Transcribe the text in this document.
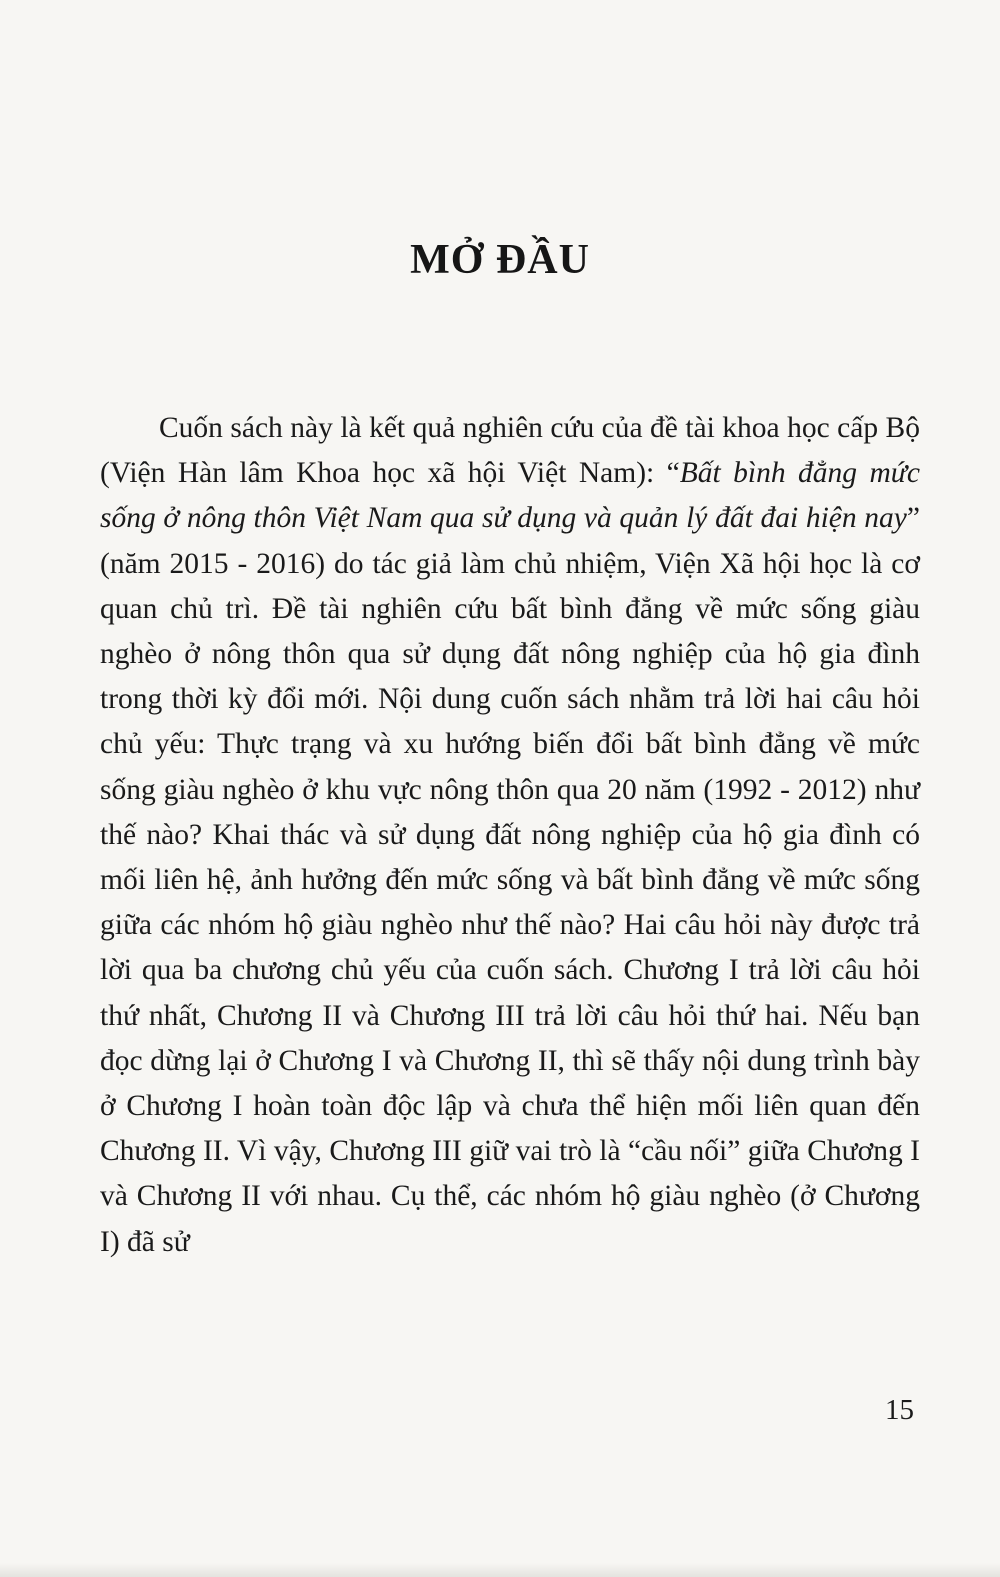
MỞ ĐẦU

Cuốn sách này là kết quả nghiên cứu của đề tài khoa học cấp Bộ (Viện Hàn lâm Khoa học xã hội Việt Nam): “Bất bình đẳng mức sống ở nông thôn Việt Nam qua sử dụng và quản lý đất đai hiện nay” (năm 2015 - 2016) do tác giả làm chủ nhiệm, Viện Xã hội học là cơ quan chủ trì. Đề tài nghiên cứu bất bình đẳng về mức sống giàu nghèo ở nông thôn qua sử dụng đất nông nghiệp của hộ gia đình trong thời kỳ đổi mới. Nội dung cuốn sách nhằm trả lời hai câu hỏi chủ yếu: Thực trạng và xu hướng biến đổi bất bình đẳng về mức sống giàu nghèo ở khu vực nông thôn qua 20 năm (1992 - 2012) như thế nào? Khai thác và sử dụng đất nông nghiệp của hộ gia đình có mối liên hệ, ảnh hưởng đến mức sống và bất bình đẳng về mức sống giữa các nhóm hộ giàu nghèo như thế nào? Hai câu hỏi này được trả lời qua ba chương chủ yếu của cuốn sách. Chương I trả lời câu hỏi thứ nhất, Chương II và Chương III trả lời câu hỏi thứ hai. Nếu bạn đọc dừng lại ở Chương I và Chương II, thì sẽ thấy nội dung trình bày ở Chương I hoàn toàn độc lập và chưa thể hiện mối liên quan đến Chương II. Vì vậy, Chương III giữ vai trò là “cầu nối” giữa Chương I và Chương II với nhau. Cụ thể, các nhóm hộ giàu nghèo (ở Chương I) đã sử

15
